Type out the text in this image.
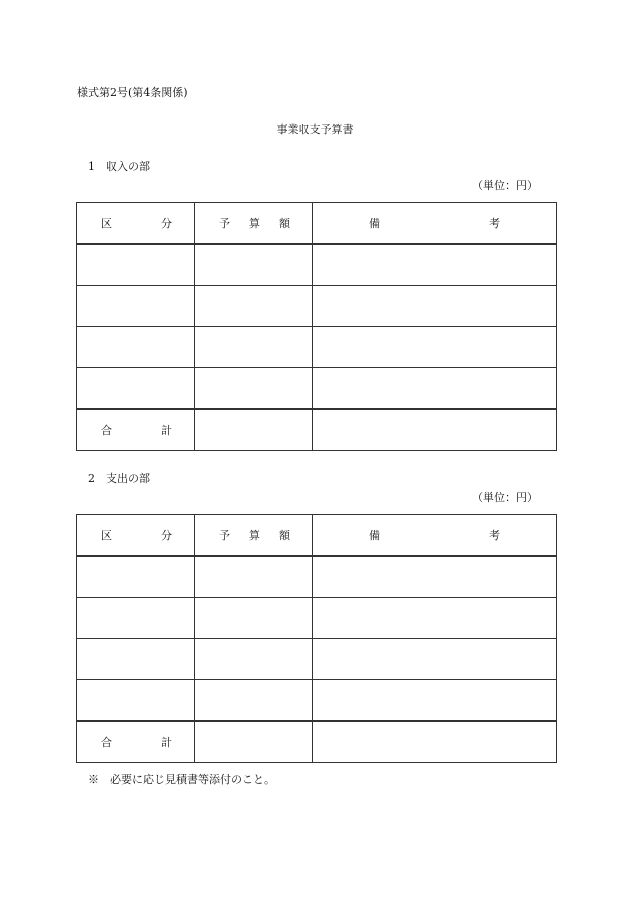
様式第2号(第4条関係)
事業収支予算書
1　収入の部
（単位：円）
区 分	予 算 額	備 考

合 計		

2　支出の部
（単位：円）
区 分	予 算 額	備 考

合 計		

※　必要に応じ見積書等添付のこと。
